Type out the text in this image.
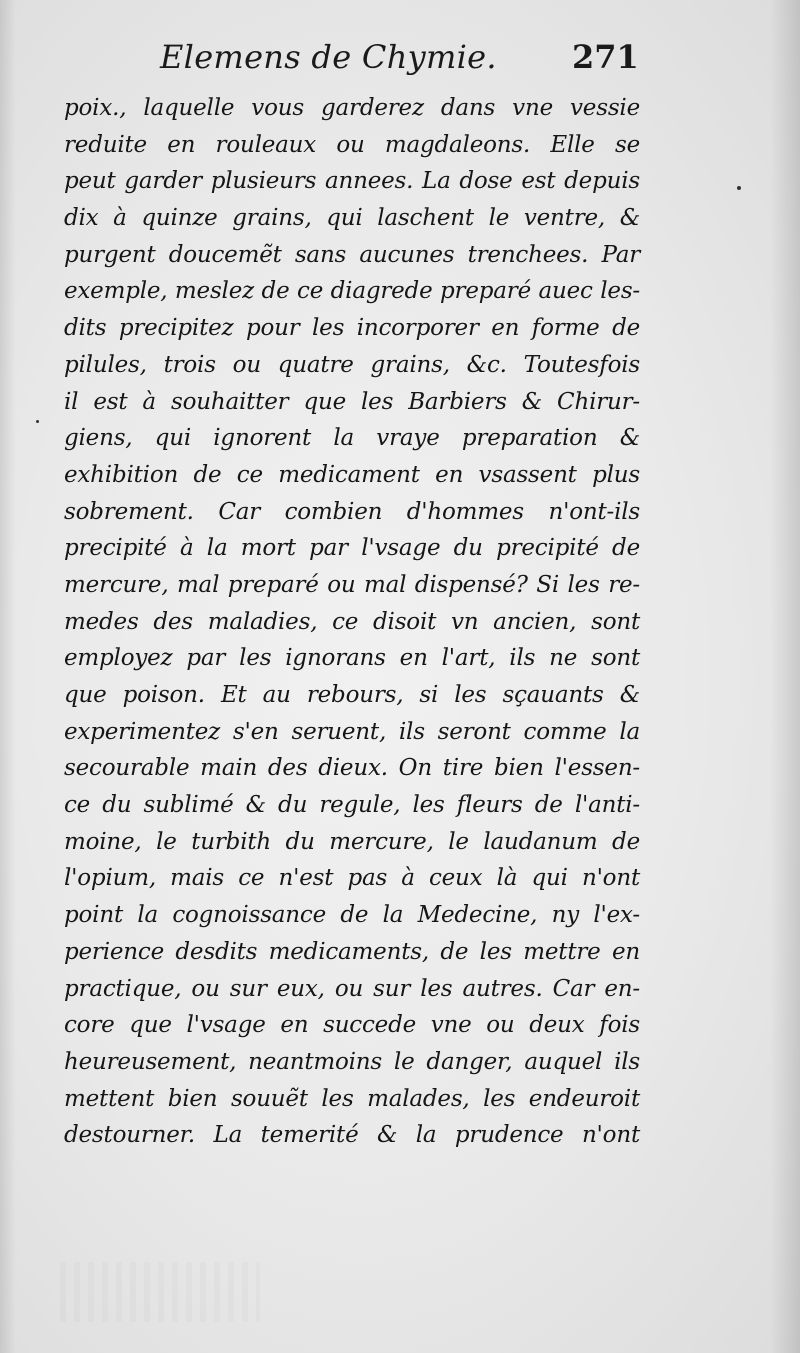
Elemens de Chymie. 271
poix., laquelle vous garderez dans vne vessie
reduite en rouleaux ou magdaleons. Elle se
peut garder plusieurs annees. La dose est depuis
dix à quinze grains, qui laschent le ventre, &
purgent doucemẽt sans aucunes trenchees. Par
exemple, meslez de ce diagrede preparé auec les-
dits precipitez pour les incorporer en forme de
pilules, trois ou quatre grains, &c. Toutesfois
il est à souhaitter que les Barbiers & Chirur-
giens, qui ignorent la vraye preparation &
exhibition de ce medicament en vsassent plus
sobrement. Car combien d'hommes n'ont-ils
precipité à la mort par l'vsage du precipité de
mercure, mal preparé ou mal dispensé? Si les re-
medes des maladies, ce disoit vn ancien, sont
employez par les ignorans en l'art, ils ne sont
que poison. Et au rebours, si les sçauants &
experimentez s'en seruent, ils seront comme la
secourable main des dieux. On tire bien l'essen-
ce du sublimé & du regule, les fleurs de l'anti-
moine, le turbith du mercure, le laudanum de
l'opium, mais ce n'est pas à ceux là qui n'ont
point la cognoissance de la Medecine, ny l'ex-
perience desdits medicaments, de les mettre en
practique, ou sur eux, ou sur les autres. Car en-
core que l'vsage en succede vne ou deux fois
heureusement, neantmoins le danger, auquel ils
mettent bien souuẽt les malades, les endeuroit
destourner. La temerité & la prudence n'ont
